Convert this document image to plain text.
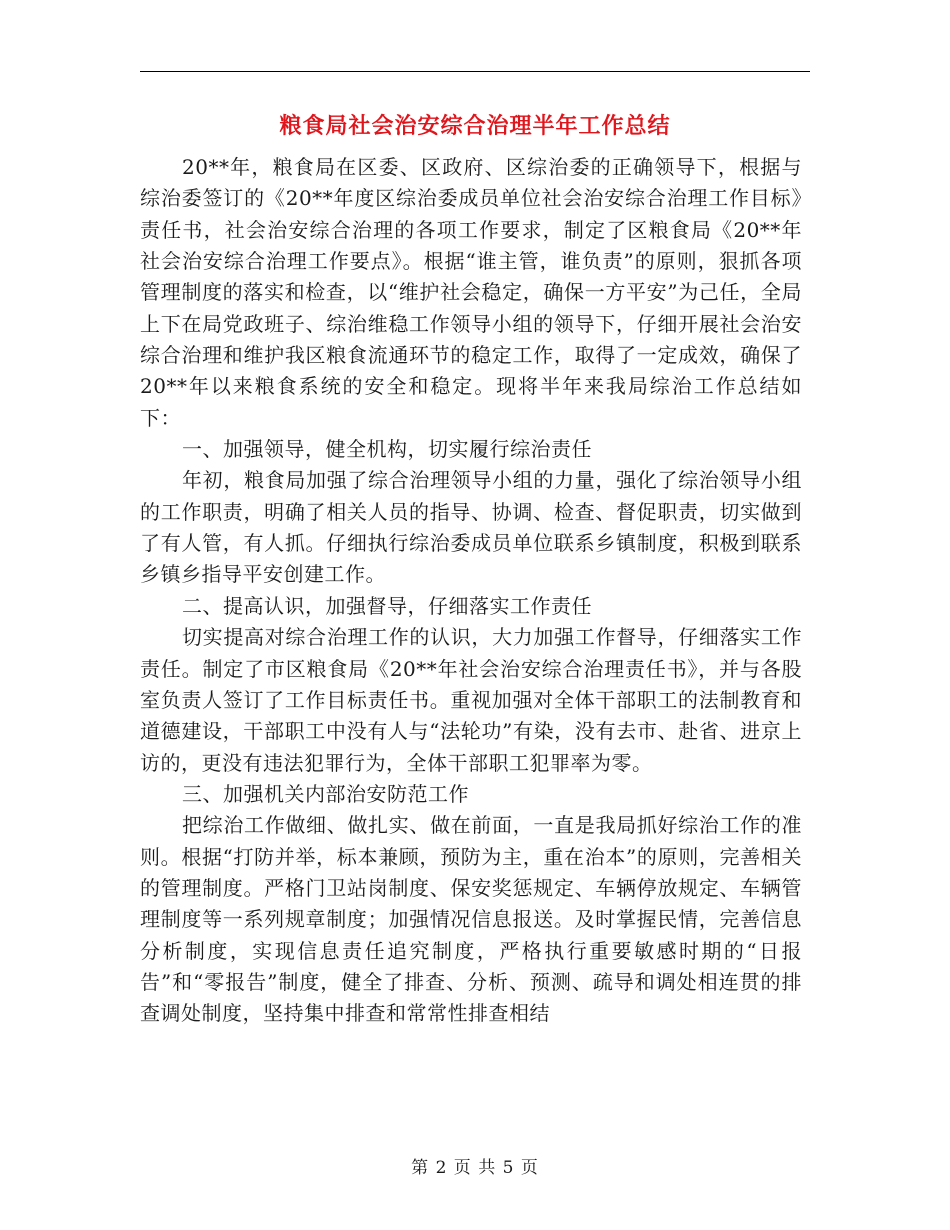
粮食局社会治安综合治理半年工作总结

20**年，粮食局在区委、区政府、区综治委的正确领导下，根据与综治委签订的《20**年度区综治委成员单位社会治安综合治理工作目标》责任书，社会治安综合治理的各项工作要求，制定了区粮食局《20**年社会治安综合治理工作要点》。根据“谁主管，谁负责”的原则，狠抓各项管理制度的落实和检查，以“维护社会稳定，确保一方平安”为己任，全局上下在局党政班子、综治维稳工作领导小组的领导下，仔细开展社会治安综合治理和维护我区粮食流通环节的稳定工作，取得了一定成效，确保了20**年以来粮食系统的安全和稳定。现将半年来我局综治工作总结如下：

一、加强领导，健全机构，切实履行综治责任

年初，粮食局加强了综合治理领导小组的力量，强化了综治领导小组的工作职责，明确了相关人员的指导、协调、检查、督促职责，切实做到了有人管，有人抓。仔细执行综治委成员单位联系乡镇制度，积极到联系乡镇乡指导平安创建工作。

二、提高认识，加强督导，仔细落实工作责任

切实提高对综合治理工作的认识，大力加强工作督导，仔细落实工作责任。制定了市区粮食局《20**年社会治安综合治理责任书》，并与各股室负责人签订了工作目标责任书。重视加强对全体干部职工的法制教育和道德建设，干部职工中没有人与“法轮功”有染，没有去市、赴省、进京上访的，更没有违法犯罪行为，全体干部职工犯罪率为零。

三、加强机关内部治安防范工作

把综治工作做细、做扎实、做在前面，一直是我局抓好综治工作的准则。根据“打防并举，标本兼顾，预防为主，重在治本”的原则，完善相关的管理制度。严格门卫站岗制度、保安奖惩规定、车辆停放规定、车辆管理制度等一系列规章制度；加强情况信息报送。及时掌握民情，完善信息分析制度，实现信息责任追究制度，严格执行重要敏感时期的“日报告”和“零报告”制度，健全了排查、分析、预测、疏导和调处相连贯的排查调处制度，坚持集中排查和常常性排查相结

第 2 页 共 5 页
